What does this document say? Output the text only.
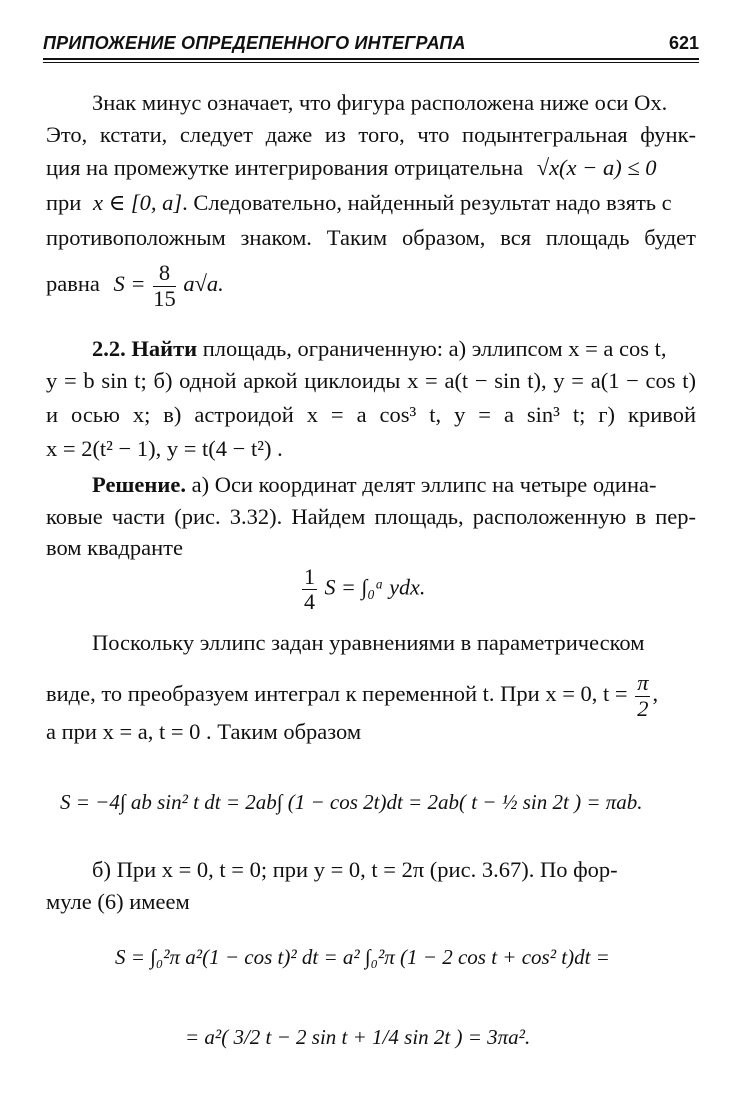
ПРИПОЖЕНИЕ ОПРЕДЕПЕННОГО ИНТЕГРАПА	621
Знак минус означает, что фигура расположена ниже оси Ox.
Это, кстати, следует даже из того, что подынтегральная функ-
ция на промежутке интегрирования отрицательна √x(x − a) ≤ 0
при x ∈ [0, a]. Следовательно, найденный результат надо взять с
противоположным знаком. Таким образом, вся площадь будет
равна $S = \frac{8}{15} a√a$.
2.2. Найти площадь, ограниченную: а) эллипсом x = a cos t,
y = b sin t; б) одной аркой циклоиды x = a(t − sin t), y = a(1 − cos t)
и осью x; в) астроидой x = a cos³ t, y = a sin³ t; г) кривой
x = 2(t² − 1), y = t(4 − t²) .
Решение. а) Оси координат делят эллипс на четыре одина-
ковые части (рис. 3.32). Найдем площадь, расположенную в пер-
вом квадранте
$\frac{1}{4}$ S = ∫₀ᵃ ydx.
Поскольку эллипс задан уравнениями в параметрическом
виде, то преобразуем интеграл к переменной t. При x = 0, $t = \frac{\pi}{2}$ ,
а при x = a, t = 0 . Таким образом
S = −4∫ ab sin² t dt = 2ab∫ (1 − cos 2t)dt = 2ab( t − ½ sin 2t ) = πab.
б) При x = 0, t = 0; при y = 0, t = 2π (рис. 3.67). По фор-
муле (6) имеем
S = ∫₀²π a²(1 − cos t)² dt = a² ∫₀²π (1 − 2 cos t + cos² t)dt =
= a²( 3/2 t − 2 sin t + 1/4 sin 2t ) = 3πa².
